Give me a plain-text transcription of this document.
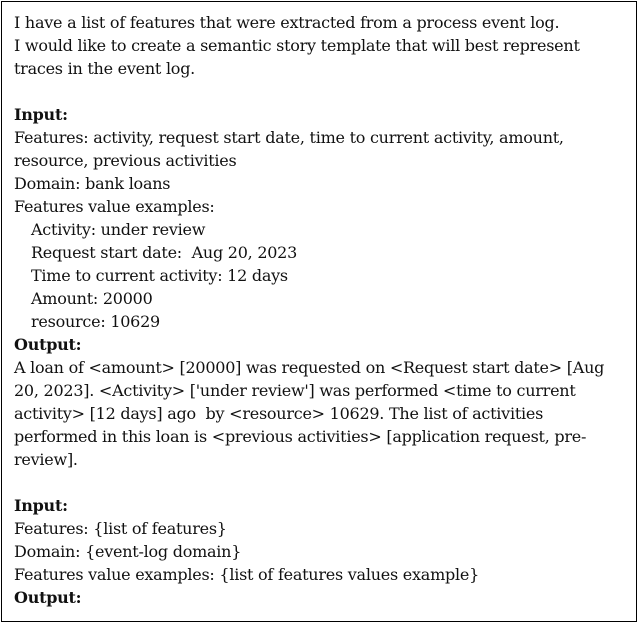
I have a list of features that were extracted from a process event log.
I would like to create a semantic story template that will best represent
traces in the event log.
Input:
Features: activity, request start date, time to current activity, amount,
resource, previous activities
Domain: bank loans
Features value examples:
Activity: under review
Request start date:  Aug 20, 2023
Time to current activity: 12 days
Amount: 20000
resource: 10629
Output:
A loan of <amount> [20000] was requested on <Request start date> [Aug
20, 2023]. <Activity> ['under review'] was performed <time to current
activity> [12 days] ago  by <resource> 10629. The list of activities
performed in this loan is <previous activities> [application request, pre-
review].
Input:
Features: {list of features}
Domain: {event-log domain}
Features value examples: {list of features values example}
Output:
